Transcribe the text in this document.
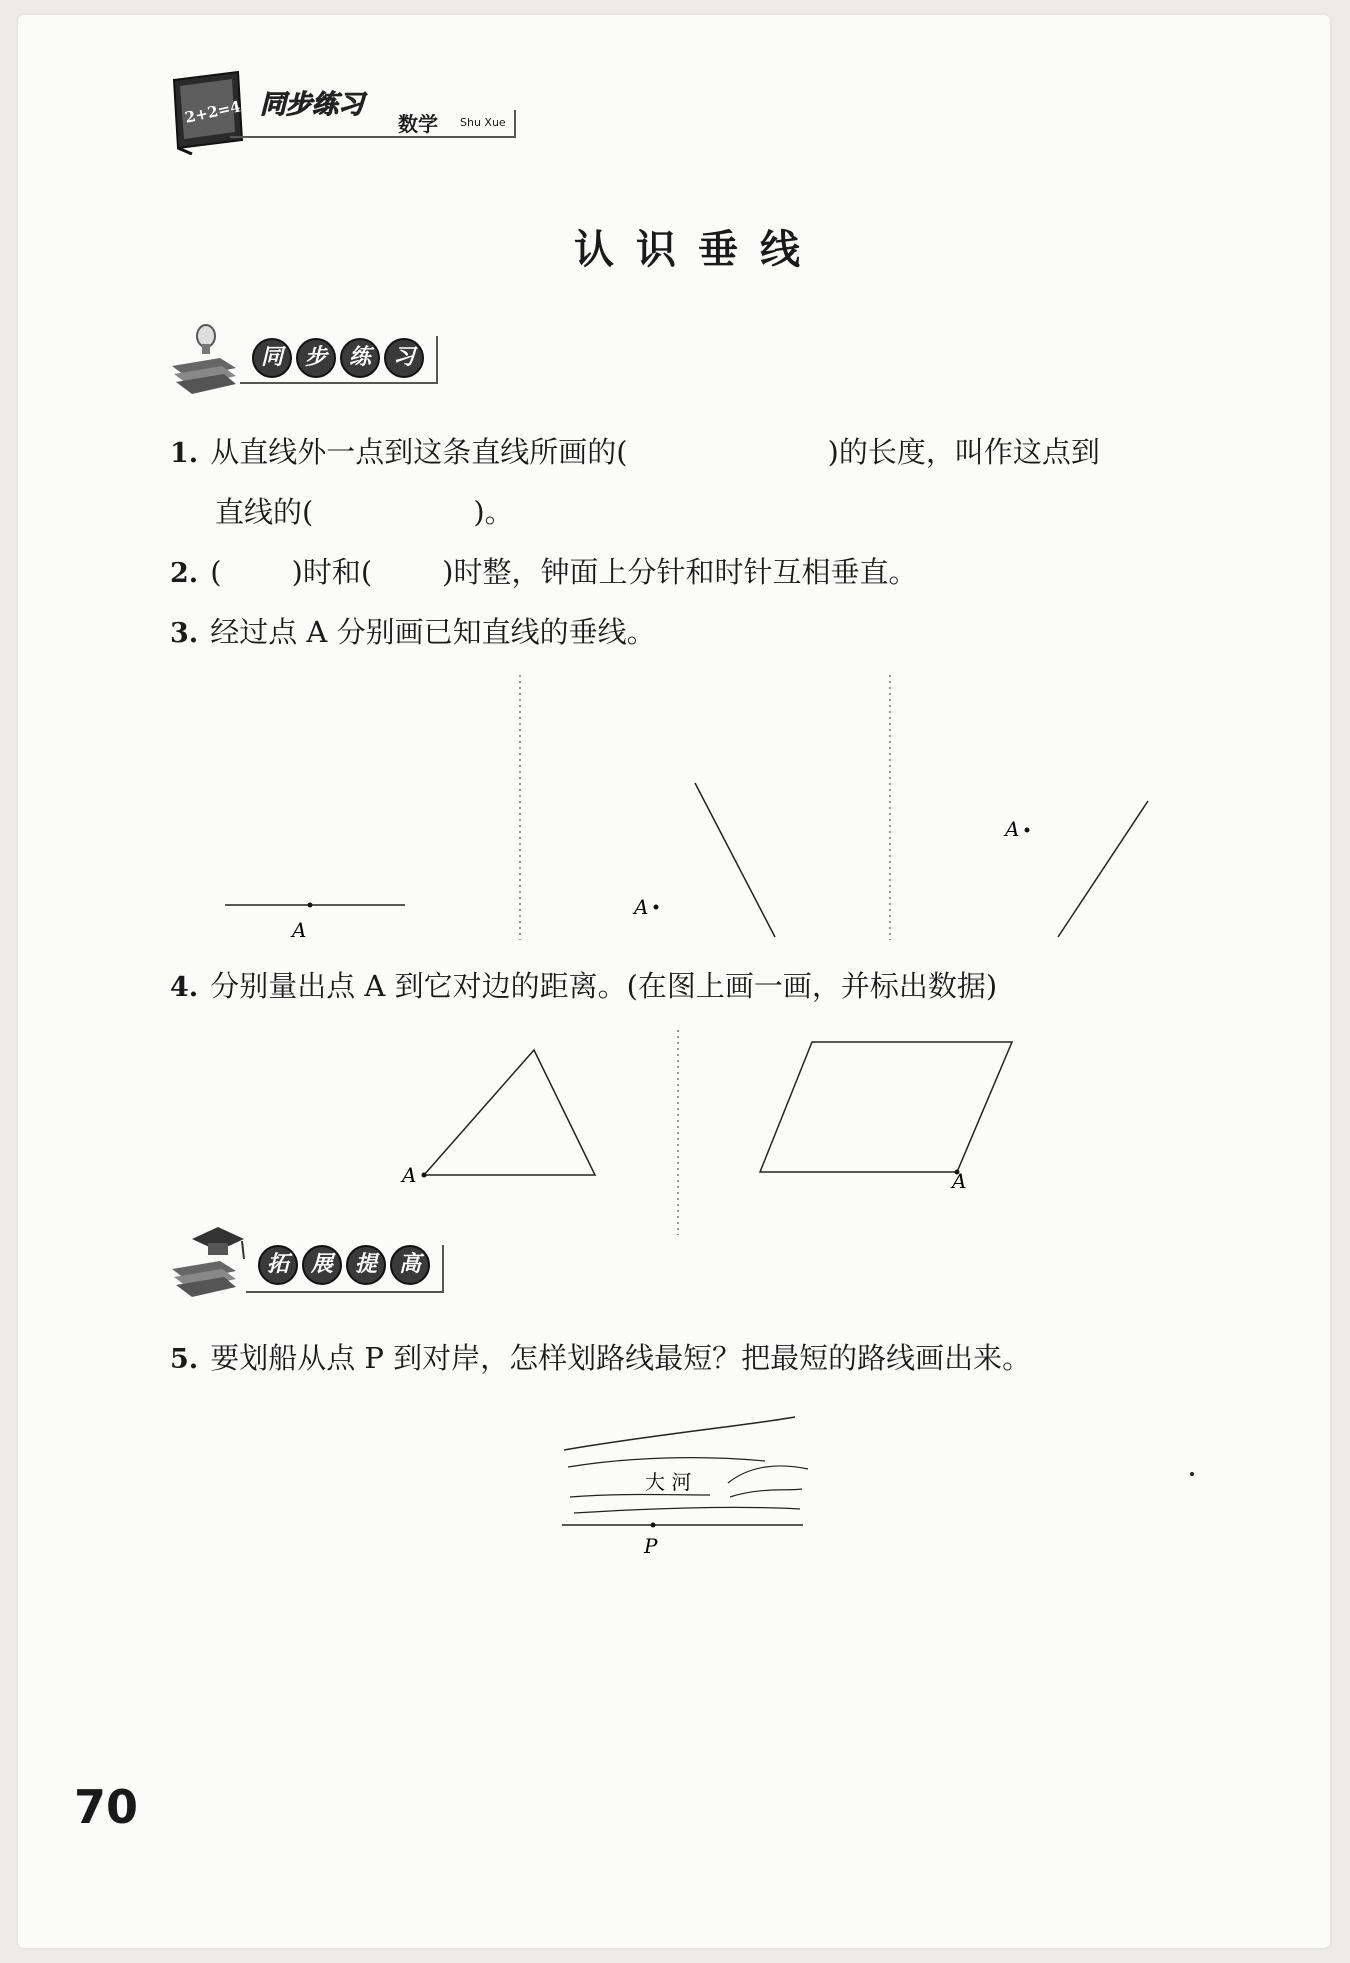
2+2=4 同步练习
数学 Shu Xue
认识垂线
同 步 练 习
1. 从直线外一点到这条直线所画的(	)的长度，叫作这点到
直线的(	)。
2. ( )时和( )时整，钟面上分针和时针互相垂直。
3. 经过点 A 分别画已知直线的垂线。
A
A
A
4. 分别量出点 A 到它对边的距离。(在图上画一画，并标出数据)
A	A
拓 展 提 高
5. 要划船从点 P 到对岸，怎样划路线最短？把最短的路线画出来。
大 河
P
70
